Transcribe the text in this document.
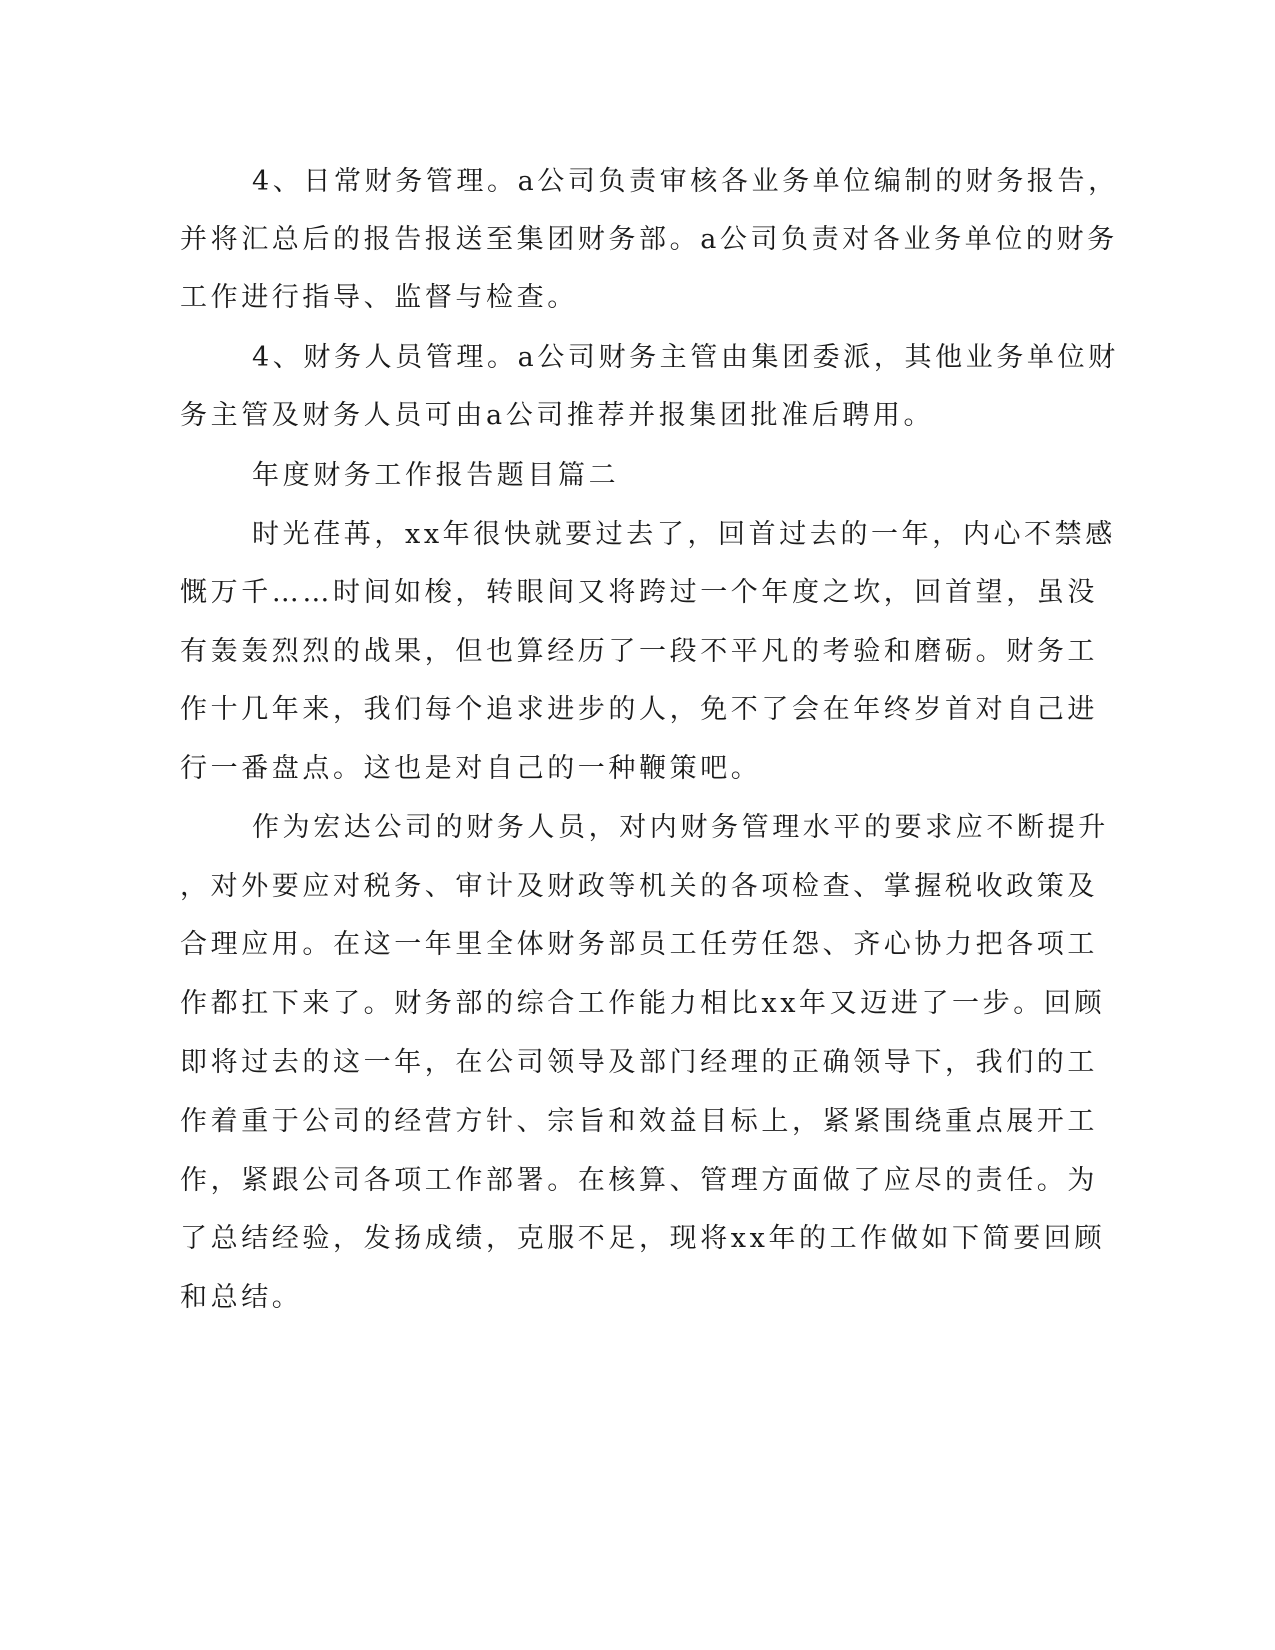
4、日常财务管理。a公司负责审核各业务单位编制的财务报告，
并将汇总后的报告报送至集团财务部。a公司负责对各业务单位的财务
工作进行指导、监督与检查。
4、财务人员管理。a公司财务主管由集团委派，其他业务单位财
务主管及财务人员可由a公司推荐并报集团批准后聘用。
年度财务工作报告题目篇二
时光荏苒，xx年很快就要过去了，回首过去的一年，内心不禁感
慨万千……时间如梭，转眼间又将跨过一个年度之坎，回首望，虽没
有轰轰烈烈的战果，但也算经历了一段不平凡的考验和磨砺。财务工
作十几年来，我们每个追求进步的人，免不了会在年终岁首对自己进
行一番盘点。这也是对自己的一种鞭策吧。
作为宏达公司的财务人员，对内财务管理水平的要求应不断提升
，对外要应对税务、审计及财政等机关的各项检查、掌握税收政策及
合理应用。在这一年里全体财务部员工任劳任怨、齐心协力把各项工
作都扛下来了。财务部的综合工作能力相比xx年又迈进了一步。回顾
即将过去的这一年，在公司领导及部门经理的正确领导下，我们的工
作着重于公司的经营方针、宗旨和效益目标上，紧紧围绕重点展开工
作，紧跟公司各项工作部署。在核算、管理方面做了应尽的责任。为
了总结经验，发扬成绩，克服不足，现将xx年的工作做如下简要回顾
和总结。
